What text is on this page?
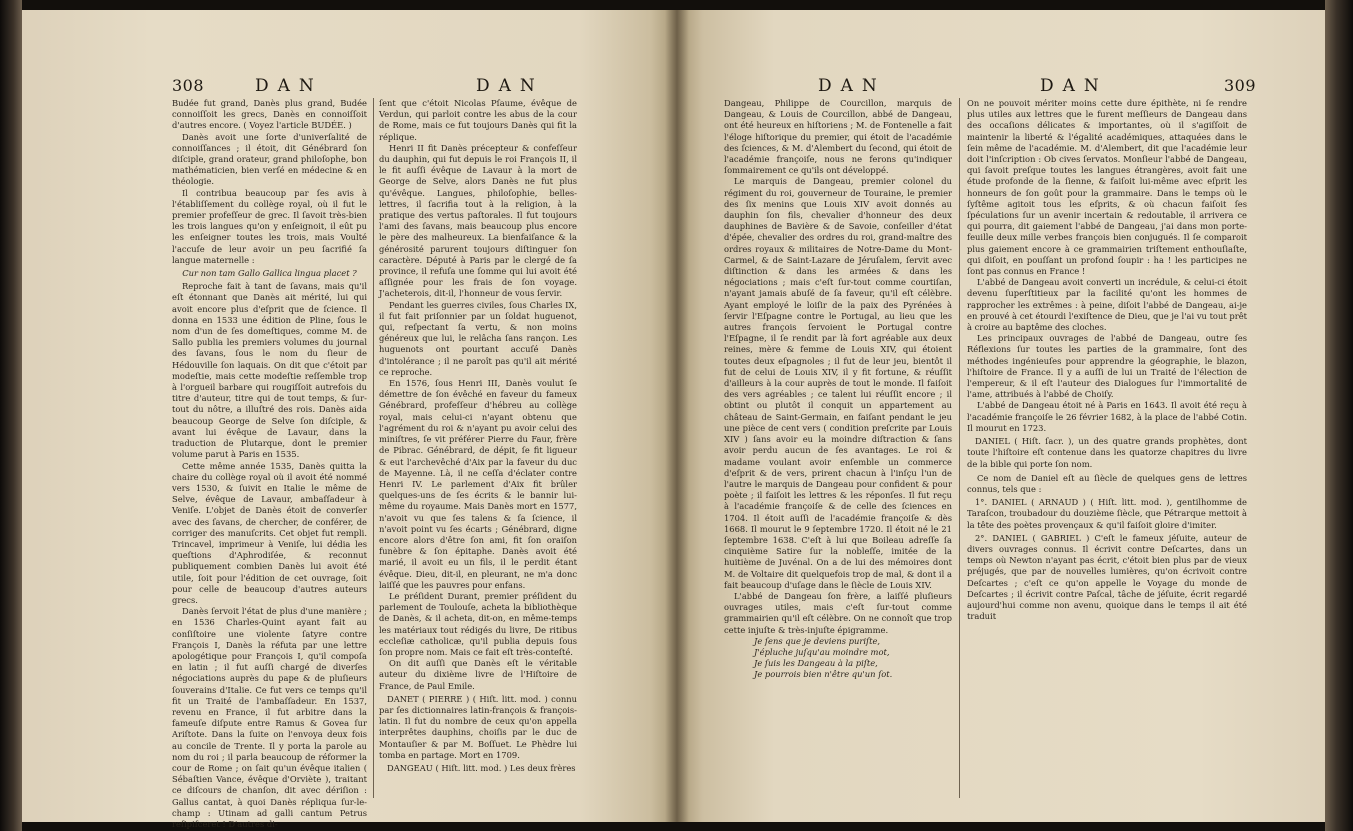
308	DAN	DAN

Budée fut grand, Danès plus grand, Budée connoiſſoit les grecs, Danès en connoiſſoit d'autres encore. ( Voyez l'article BUDÉE. )

Danès avoit une ſorte d'univerſalité de connoiſſances ; il étoit, dit Génébrard ſon diſciple, grand orateur, grand philoſophe, bon mathématicien, bien verſé en médecine & en théologie.

Il contribua beaucoup par ſes avis à l'établiſſement du collège royal, où il fut le premier profeſſeur de grec. Il ſavoit très-bien les trois langues qu'on y enſeignoit, il eût pu les enſeigner toutes les trois, mais Voulté l'accuſe de leur avoir un peu ſacrifié ſa langue maternelle :

Cur non tam Gallo Gallica lingua placet ?

Reproche fait à tant de ſavans, mais qu'il eſt étonnant que Danès ait mérité, lui qui avoit encore plus d'eſprit que de ſcience. Il donna en 1533 une édition de Pline, ſous le nom d'un de ſes domeſtiques, comme M. de Sallo publia les premiers volumes du journal des ſavans, ſous le nom du ſieur de Hédouville ſon laquais. On dit que c'étoit par modeſtie, mais cette modeſtie reſſemble trop à l'orgueil barbare qui rougiſſoit autrefois du titre d'auteur, titre qui de tout temps, & ſur-tout du nôtre, a illuſtré des rois. Danès aida beaucoup George de Selve ſon diſciple, & avant lui évêque de Lavaur, dans la traduction de Plutarque, dont le premier volume parut à Paris en 1535.

Cette même année 1535, Danès quitta la chaire du collège royal où il avoit été nommé vers 1530, & ſuivit en Italie le même de Selve, évêque de Lavaur, ambaſſadeur à Veniſe. L'objet de Danès étoit de converſer avec des ſavans, de chercher, de conférer, de corriger des manuſcrits. Cet objet fut rempli. Trincavel, imprimeur à Veniſe, lui dédia les queſtions d'Aphrodiſée, & reconnut publiquement combien Danès lui avoit été utile, ſoit pour l'édition de cet ouvrage, ſoit pour celle de beaucoup d'autres auteurs grecs.

Danès ſervoit l'état de plus d'une manière ; en 1536 Charles-Quint ayant fait au conſiſtoire une violente ſatyre contre François I, Danès la réfuta par une lettre apologétique pour François I, qu'il compoſa en latin ; il fut auſſi chargé de diverſes négociations auprès du pape & de pluſieurs ſouverains d'Italie. Ce fut vers ce temps qu'il fit un Traité de l'ambaſſadeur. En 1537, revenu en France, il fut arbitre dans la fameuſe diſpute entre Ramus & Govea ſur Ariſtote. Dans la ſuite on l'envoya deux fois au concile de Trente. Il y porta la parole au nom du roi ; il parla beaucoup de réformer la cour de Rome ; on ſait qu'un évêque italien ( Sébaſtien Vance, évêque d'Orviète ), traitant ce diſcours de chanſon, dit avec dériſion : Gallus cantat, à quoi Danès répliqua ſur-le-champ : Utinam ad galli cantum Petrus reſipiſceret ! D'autres di-

ſent que c'étoit Nicolas Pſaume, évêque de Verdun, qui parloit contre les abus de la cour de Rome, mais ce fut toujours Danès qui fit la réplique.

Henri II fit Danès précepteur & confeſſeur du dauphin, qui fut depuis le roi François II, il le fit auſſi évêque de Lavaur à la mort de George de Selve, alors Danès ne fut plus qu'évêque. Langues, philoſophie, belles-lettres, il ſacrifia tout à la religion, à la pratique des vertus paſtorales. Il fut toujours l'ami des ſavans, mais beaucoup plus encore le père des malheureux. La bienfaiſance & la générosité parurent toujours diſtinguer ſon caractère. Député à Paris par le clergé de ſa province, il refuſa une ſomme qui lui avoit été aſſignée pour les frais de ſon voyage. J'acheterois, dit-il, l'honneur de vous ſervir.

Pendant les guerres civiles, ſous Charles IX, il fut fait priſonnier par un ſoldat huguenot, qui, reſpectant ſa vertu, & non moins généreux que lui, le relâcha ſans rançon. Les huguenots ont pourtant accuſé Danès d'intolérance ; il ne paroît pas qu'il ait mérité ce reproche.

En 1576, ſous Henri III, Danès voulut ſe démettre de ſon évêché en faveur du fameux Génébrard, profeſſeur d'hébreu au collège royal, mais celui-ci n'ayant obtenu que l'agrément du roi & n'ayant pu avoir celui des miniſtres, ſe vit préférer Pierre du Faur, frère de Pibrac. Génébrard, de dépit, ſe fit ligueur & eut l'archevêché d'Aix par la faveur du duc de Mayenne. Là, il ne ceſſa d'éclater contre Henri IV. Le parlement d'Aix fit brûler quelques-uns de ſes écrits & le bannir lui-même du royaume. Mais Danès mort en 1577, n'avoit vu que ſes talens & ſa ſcience, il n'avoit point vu ſes écarts ; Génébrard, digne encore alors d'être ſon ami, fit ſon oraiſon funèbre & ſon épitaphe. Danès avoit été marié, il avoit eu un fils, il le perdit étant évêque. Dieu, dit-il, en pleurant, ne m'a donc laiſſé que les pauvres pour enfans.

Le préſident Durant, premier préſident du parlement de Toulouſe, acheta la bibliothèque de Danès, & il acheta, dit-on, en même-temps les matériaux tout rédigés du livre, De ritibus eccleſiæ catholicæ, qu'il publia depuis ſous ſon propre nom. Mais ce fait eſt très-conteſté.

On dit auſſi que Danès eſt le véritable auteur du dixième livre de l'Hiſtoire de France, de Paul Emile.

DANET ( PIERRE ) ( Hiſt. litt. mod. ) connu par ſes dictionnaires latin-françois & françois-latin. Il fut du nombre de ceux qu'on appella interprêtes dauphins, choiſis par le duc de Montauſier & par M. Boſſuet. Le Phèdre lui tomba en partage. Mort en 1709.

DANGEAU ( Hiſt. litt. mod. ) Les deux frères

DAN	DAN	309

Dangeau, Philippe de Courcillon, marquis de Dangeau, & Louis de Courcillon, abbé de Dangeau, ont été heureux en hiſtoriens ; M. de Fontenelle a fait l'éloge hiſtorique du premier, qui étoit de l'académie des ſciences, & M. d'Alembert du ſecond, qui étoit de l'académie françoiſe, nous ne ferons qu'indiquer ſommairement ce qu'ils ont développé.

Le marquis de Dangeau, premier colonel du régiment du roi, gouverneur de Touraine, le premier des ſix menins que Louis XIV avoit donnés au dauphin ſon fils, chevalier d'honneur des deux dauphines de Bavière & de Savoie, conſeiller d'état d'épée, chevalier des ordres du roi, grand-maître des ordres royaux & militaires de Notre-Dame du Mont-Carmel, & de Saint-Lazare de Jéruſalem, ſervit avec diſtinction & dans les armées & dans les négociations ; mais c'eſt ſur-tout comme courtiſan, n'ayant jamais abuſé de ſa faveur, qu'il eſt célèbre. Ayant employé le loiſir de la paix des Pyrénées à ſervir l'Eſpagne contre le Portugal, au lieu que les autres françois ſervoient le Portugal contre l'Eſpagne, il ſe rendit par là fort agréable aux deux reines, mère & femme de Louis XIV, qui étoient toutes deux eſpagnoles ; il fut de leur jeu, bientôt il fut de celui de Louis XIV, il y fit fortune, & réuſſit d'ailleurs à la cour auprès de tout le monde. Il faiſoit des vers agréables ; ce talent lui réuſſit encore ; il obtint ou plutôt il conquit un appartement au château de Saint-Germain, en faiſant pendant le jeu une pièce de cent vers ( condition preſcrite par Louis XIV ) ſans avoir eu la moindre diſtraction & ſans avoir perdu aucun de ſes avantages. Le roi & madame voulant avoir enſemble un commerce d'eſprit & de vers, prirent chacun à l'inſçu l'un de l'autre le marquis de Dangeau pour confident & pour poète ; il faiſoit les lettres & les réponſes. Il fut reçu à l'académie françoiſe & de celle des ſciences en 1704. Il étoit auſſi de l'académie françoiſe & dès 1668. Il mourut le 9 ſeptembre 1720. Il étoit né le 21 ſeptembre 1638. C'eſt à lui que Boileau adreſſe ſa cinquième Satire ſur la nobleſſe, imitée de la huitième de Juvénal. On a de lui des mémoires dont M. de Voltaire dit quelquefois trop de mal, & dont il a fait beaucoup d'uſage dans le ſiècle de Louis XIV.

L'abbé de Dangeau ſon frère, a laiſſé pluſieurs ouvrages utiles, mais c'eſt ſur-tout comme grammairien qu'il eſt célèbre. On ne connoît que trop cette injuſte & très-injuſte épigramme.

Je ſens que je deviens puriſte,

J'épluche juſqu'au moindre mot,

Je ſuis les Dangeau à la piſte,

Je pourrois bien n'être qu'un ſot.

On ne pouvoit mériter moins cette dure épithète, ni ſe rendre plus utiles aux lettres que le furent meſſieurs de Dangeau dans des occaſions délicates & importantes, où il s'agiſſoit de maintenir la liberté & l'égalité académiques, attaquées dans le ſein même de l'académie. M. d'Alembert, dit que l'académie leur doit l'inſcription : Ob cives ſervatos. Monſieur l'abbé de Dangeau, qui ſavoit preſque toutes les langues étrangères, avoit fait une étude profonde de la ſienne, & faiſoit lui-même avec eſprit les honneurs de ſon goût pour la grammaire. Dans le temps où le ſyſtême agitoit tous les eſprits, & où chacun faiſoit ſes ſpéculations ſur un avenir incertain & redoutable, il arrivera ce qui pourra, dit gaiement l'abbé de Dangeau, j'ai dans mon porte-feuille deux mille verbes françois bien conjugués. Il ſe comparoit plus gaiement encore à ce grammairien triſtement enthouſiaſte, qui diſoit, en pouſſant un profond ſoupir : ha ! les participes ne ſont pas connus en France !

L'abbé de Dangeau avoit converti un incrédule, & celui-ci étoit devenu ſuperſtitieux par la facilité qu'ont les hommes de rapprocher les extrêmes : à peine, diſoit l'abbé de Dangeau, ai-je en prouvé à cet étourdi l'exiſtence de Dieu, que je l'ai vu tout prêt à croire au baptême des cloches.

Les principaux ouvrages de l'abbé de Dangeau, outre ſes Réflexions ſur toutes les parties de la grammaire, ſont des méthodes ingénieuſes pour apprendre la géographie, le blazon, l'hiſtoire de France. Il y a auſſi de lui un Traité de l'élection de l'empereur, & il eſt l'auteur des Dialogues ſur l'immortalité de l'ame, attribués à l'abbé de Choiſy.

L'abbé de Dangeau étoit né à Paris en 1643. Il avoit été reçu à l'académie françoiſe le 26 février 1682, à la place de l'abbé Cotin. Il mourut en 1723.

DANIEL ( Hiſt. ſacr. ), un des quatre grands prophètes, dont toute l'hiſtoire eſt contenue dans les quatorze chapitres du livre de la bible qui porte ſon nom.

Ce nom de Daniel eſt au ſiècle de quelques gens de lettres connus, tels que :

1°. DANIEL ( ARNAUD ) ( Hiſt. litt. mod. ), gentilhomme de Taraſcon, troubadour du douzième ſiècle, que Pétrarque mettoit à la tête des poètes provençaux & qu'il faiſoit gloire d'imiter.

2°. DANIEL ( GABRIEL ) C'eſt le fameux jéſuite, auteur de divers ouvrages connus. Il écrivit contre Deſcartes, dans un temps où Newton n'ayant pas écrit, c'étoit bien plus par de vieux préjugés, que par de nouvelles lumières, qu'on écrivoit contre Deſcartes ; c'eſt ce qu'on appelle le Voyage du monde de Deſcartes ; il écrivit contre Paſcal, tâche de jéſuite, écrit regardé aujourd'hui comme non avenu, quoique dans le temps il ait été traduit
